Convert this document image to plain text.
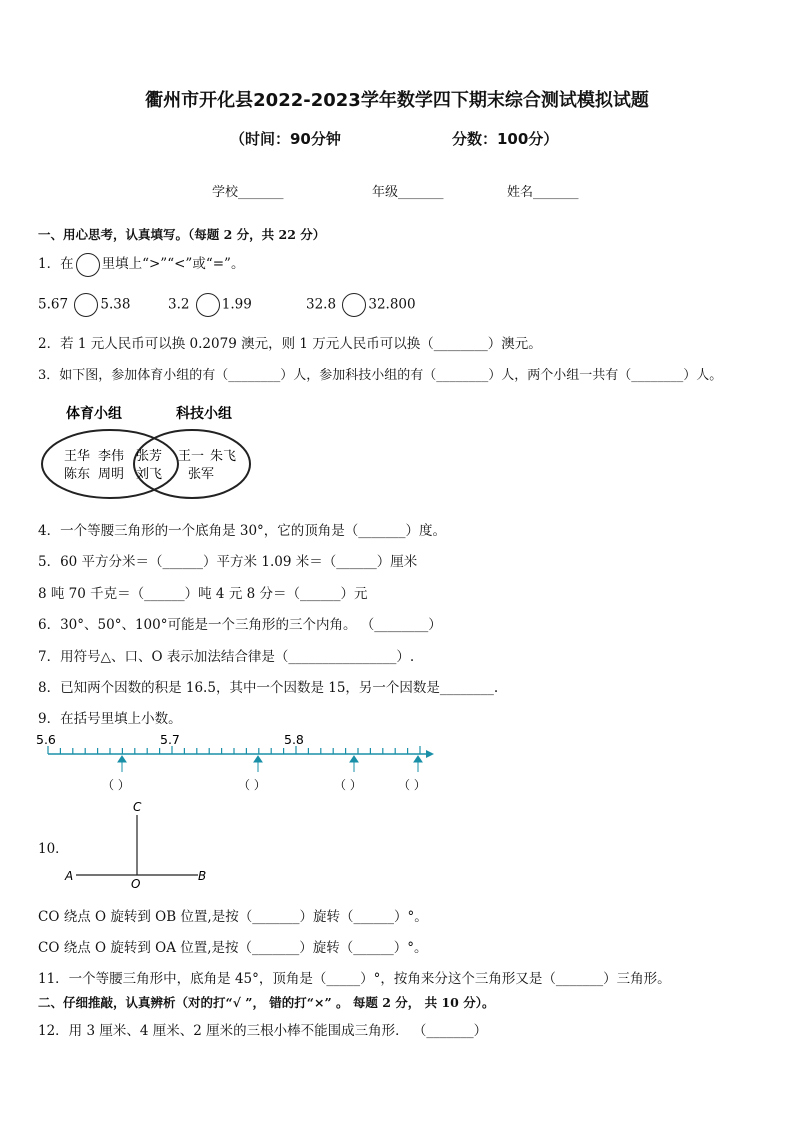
衢州市开化县2022-2023学年数学四下期末综合测试模拟试题
（时间：90分钟	分数：100分）
学校_______	年级_______	姓名_______
一、用心思考，认真填写。（每题 2 分，共 22 分）
1．在 里填上“>”“<”或“=”。
5.67 5.38	3.2 1.99	32.8 32.800
2．若 1 元人民币可以换 0.2079 澳元，则 1 万元人民币可以换（________）澳元。
3．如下图，参加体育小组的有（________）人，参加科技小组的有（________）人，两个小组一共有（________）人。
体育小组	科技小组
王华 李伟
陈东 周明
张芳
刘飞
王一 朱飞
张军
4．一个等腰三角形的一个底角是 30°，它的顶角是（_______）度。
5．60 平方分米＝（______）平方米 1.09 米＝（______）厘米
8 吨 70 千克＝（______）吨 4 元 8 分＝（______）元
6．30°、50°、100°可能是一个三角形的三个内角。 （________）
7．用符号△、口、O 表示加法结合律是（________________）.
8．已知两个因数的积是 16.5，其中一个因数是 15，另一个因数是________.
9．在括号里填上小数。
5.6	5.7	5.8
（ ）	（ ）	（ ）	（ ）
10．
C
A	B
O
CO 绕点 O 旋转到 OB 位置,是按（_______）旋转（______）°。
CO 绕点 O 旋转到 OA 位置,是按（_______）旋转（______）°。
11．一个等腰三角形中，底角是 45°，顶角是（_____）°，按角来分这个三角形又是（_______）三角形。
二、仔细推敲，认真辨析（对的打“√ ”， 错的打“×” 。 每题 2 分， 共 10 分）。
12．用 3 厘米、4 厘米、2 厘米的三根小棒不能围成三角形． （_______）
